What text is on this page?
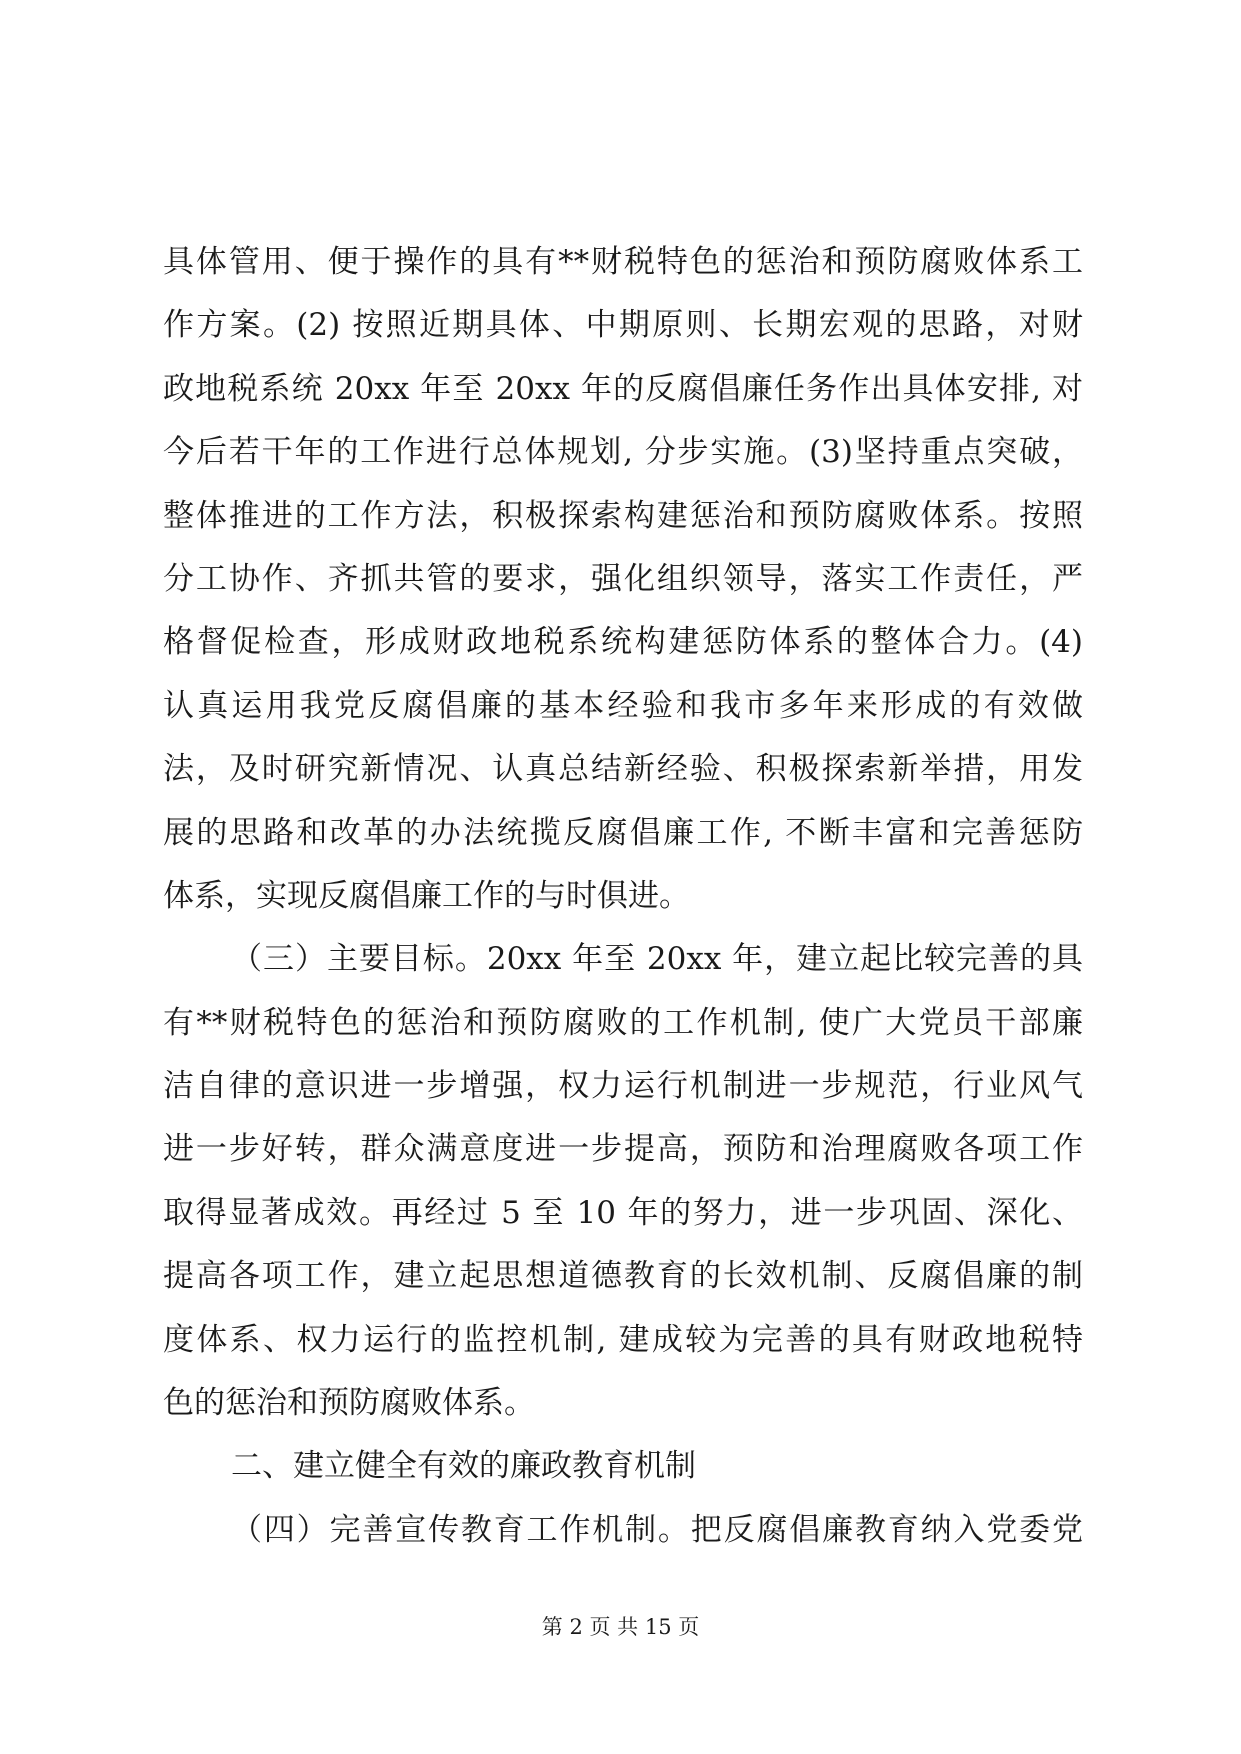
具体管用、便于操作的具有**财税特色的惩治和预防腐败体系工
作方案。(2) 按照近期具体、中期原则、长期宏观的思路，对财
政地税系统 20xx 年至 20xx 年的反腐倡廉任务作出具体安排, 对
今后若干年的工作进行总体规划, 分步实施。(3)坚持重点突破，
整体推进的工作方法，积极探索构建惩治和预防腐败体系。按照
分工协作、齐抓共管的要求，强化组织领导，落实工作责任，严
格督促检查，形成财政地税系统构建惩防体系的整体合力。(4)
认真运用我党反腐倡廉的基本经验和我市多年来形成的有效做
法，及时研究新情况、认真总结新经验、积极探索新举措，用发
展的思路和改革的办法统揽反腐倡廉工作, 不断丰富和完善惩防
体系，实现反腐倡廉工作的与时俱进。
（三）主要目标。20xx 年至 20xx 年，建立起比较完善的具
有**财税特色的惩治和预防腐败的工作机制, 使广大党员干部廉
洁自律的意识进一步增强，权力运行机制进一步规范，行业风气
进一步好转，群众满意度进一步提高，预防和治理腐败各项工作
取得显著成效。再经过 5 至 10 年的努力，进一步巩固、深化、
提高各项工作，建立起思想道德教育的长效机制、反腐倡廉的制
度体系、权力运行的监控机制, 建成较为完善的具有财政地税特
色的惩治和预防腐败体系。
二、建立健全有效的廉政教育机制
（四）完善宣传教育工作机制。把反腐倡廉教育纳入党委党
第 2 页 共 15 页
